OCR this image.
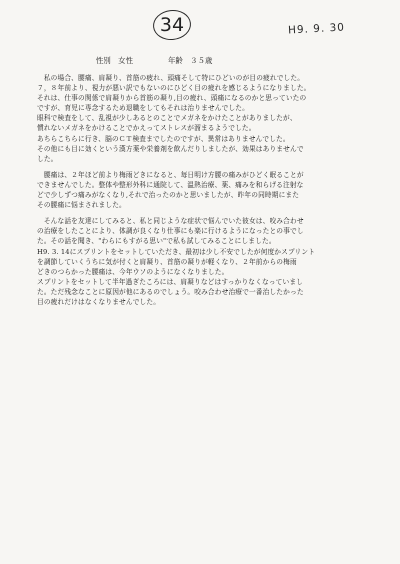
34	H9. 9. 30
性別　女性	年齢　３５歳
　私の場合、腰痛、肩凝り、首筋の疲れ、頭痛そして特にひどいのが目の疲れでした。
７，８年前より、視力が悪い訳でもないのにひどく目の疲れを感じるようになりました。
それは、仕事の関係で肩凝りから首筋の凝り,目の疲れ、頭痛になるのかと思っていたの
ですが、育児に専念するため退職をしてもそれは治りませんでした。
眼科で検査をして、乱視が少しあるとのことでメガネをかけたことがありましたが、
慣れないメガネをかけることでかえってストレスが溜まるようでした。
あちらこちらに行き、脳のＣＴ検査までしたのですが、異常はありませんでした。
その他にも目に効くという漢方薬や栄養剤を飲んだりしましたが、効果はありませんで
した。
　腰痛は、２年ほど前より梅雨どきになると、毎日明け方腰の痛みがひどく眠ることが
できませんでした。整体や整形外科に通院して、温熱治療、薬、痛みを和らげる注射な
どで少しずつ痛みがなくなり,それで治ったのかと思いましたが、昨年の同時期にまた
その腰痛に悩まされました。
　そんな話を友達にしてみると、私と同じような症状で悩んでいた彼女は、咬み合わせ
の治療をしたことにより、体調が良くなり仕事にも楽に行けるようになったとの事でし
た。その話を聞き、"わらにもすがる思い"で私も試してみることにしました。
H9. 3. 14にスプリントをセットしていただき、最初は少し不安でしたが何度かスプリント
を調節していくうちに気が付くと肩凝り、首筋の凝りが軽くなり、２年前からの梅雨
どきのつらかった腰痛は、今年ウソのようになくなりました。
スプリントをセットして半年過ぎたころには、肩凝りなどはすっかりなくなっていまし
た。ただ残念なことに原因が他にあるのでしょう。咬み合わせ治療で一番治したかった
目の疲れだけはなくなりませんでした。
